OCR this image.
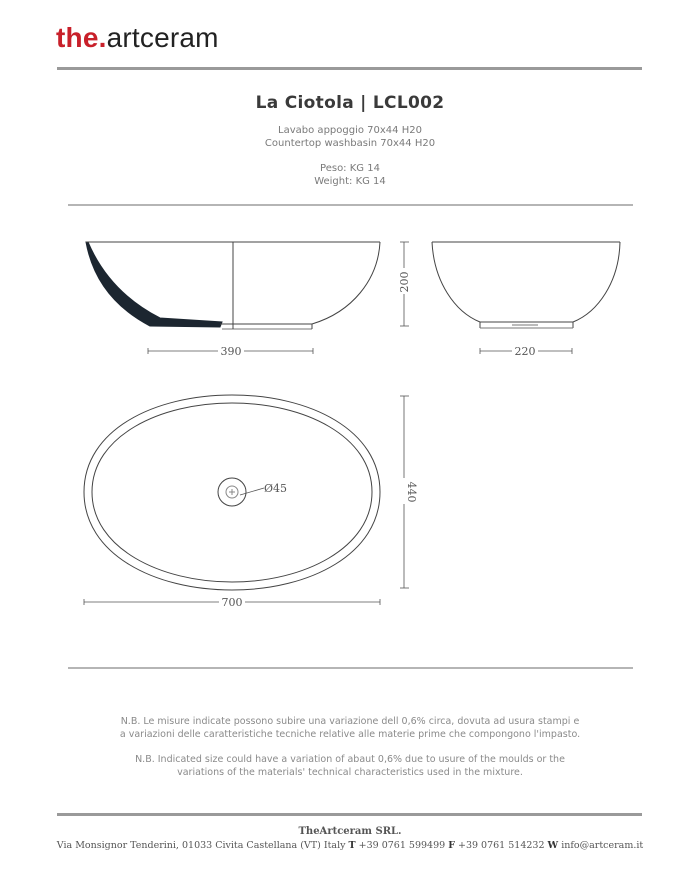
the.artceram
La Ciotola | LCL002
Lavabo appoggio 70x44 H20
Countertop washbasin 70x44 H20
Peso: KG 14
Weight: KG 14
200
390	220
Ø45	440
700
N.B. Le misure indicate possono subire una variazione dell 0,6% circa, dovuta ad usura stampi e
a variazioni delle caratteristiche tecniche relative alle materie prime che compongono l'impasto.
N.B. Indicated size could have a variation of abaut 0,6% due to usure of the moulds or the
variations of the materials' technical characteristics used in the mixture.
TheArtceram SRL.
Via Monsignor Tenderini, 01033 Civita Castellana (VT) Italy T +39 0761 599499 F +39 0761 514232 W info@artceram.it
